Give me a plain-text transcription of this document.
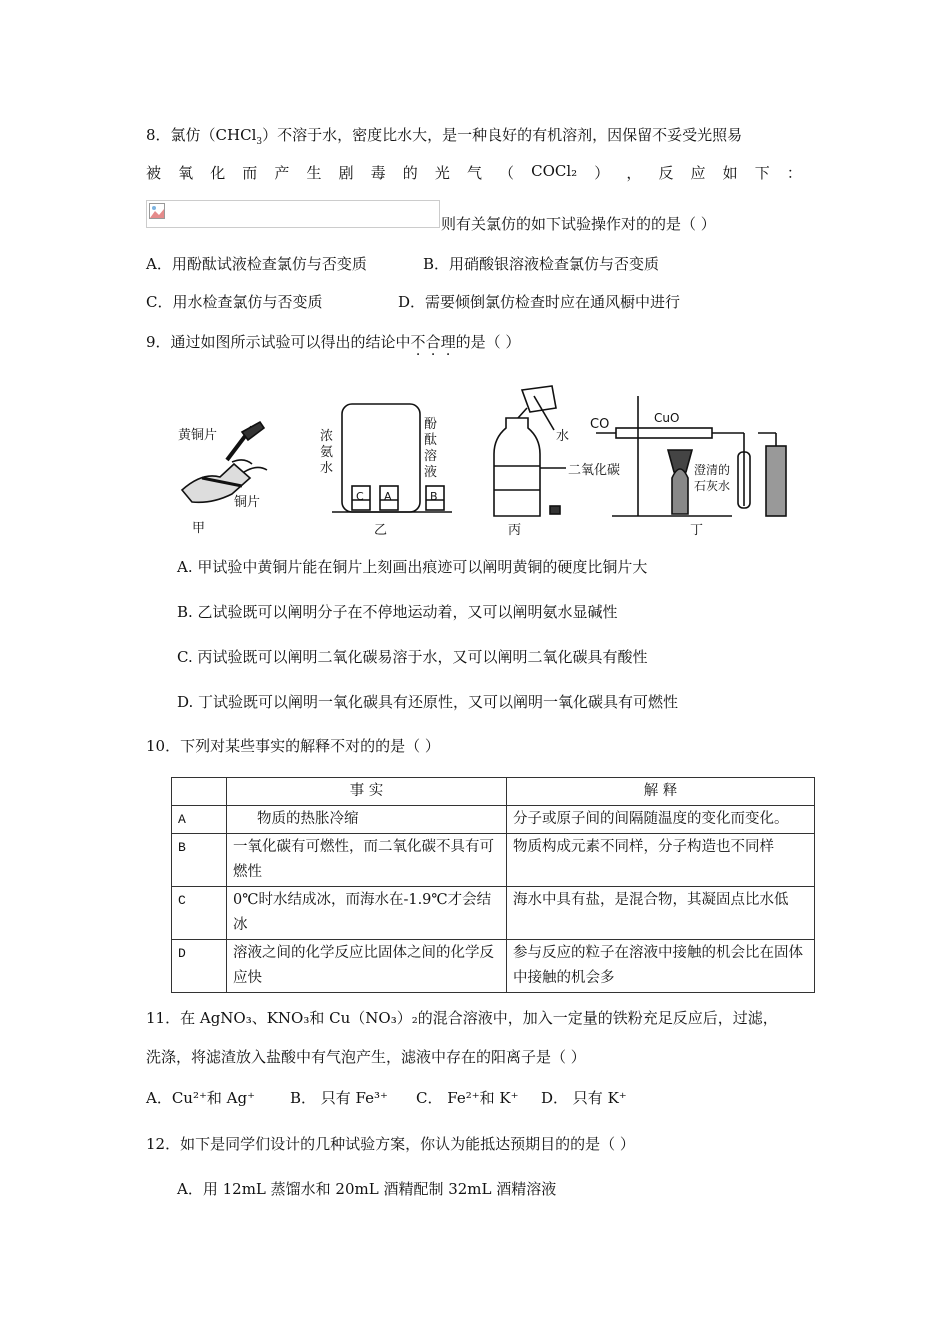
8．氯仿（CHCl$_3$）不溶于水，密度比水大，是一种良好的有机溶剂，因保留不妥受光照易
被 氧 化 而 产 生 剧 毒 的 光 气 （ COCl₂ ） ， 反 应 如 下 ：
则有关氯仿的如下试验操作对的的是（ ）
A．用酚酞试液检查氯仿与否变质	B．用硝酸银溶液检查氯仿与否变质
C．用水检查氯仿与否变质	D．需要倾倒氯仿检查时应在通风橱中进行
9．通过如图所示试验可以得出的结论中不合理的是（ ）
黄铜片
铜片
甲
C A	B
浓
氨
水
酚
酞
溶
液
乙
水
二氧化碳
丙
CO	CuO
澄清的
石灰水
丁
A. 甲试验中黄铜片能在铜片上刻画出痕迹可以阐明黄铜的硬度比铜片大
B. 乙试验既可以阐明分子在不停地运动着，又可以阐明氨水显碱性
C. 丙试验既可以阐明二氧化碳易溶于水，又可以阐明二氧化碳具有酸性
D. 丁试验既可以阐明一氧化碳具有还原性，又可以阐明一氧化碳具有可燃性
10．下列对某些事实的解释不对的的是（ ）
	事 实	解 释
A	物质的热胀冷缩	分子或原子间的间隔随温度的变化而变化。
B	一氧化碳有可燃性，而二氧化碳不具有可燃性	物质构成元素不同样，分子构造也不同样
C	0℃时水结成冰，而海水在-1.9℃才会结冰	海水中具有盐，是混合物，其凝固点比水低
D	溶液之间的化学反应比固体之间的化学反应快	参与反应的粒子在溶液中接触的机会比在固体中接触的机会多
11．在 AgNO₃、KNO₃和 Cu（NO₃）₂的混合溶液中，加入一定量的铁粉充足反应后，过滤，
洗涤，将滤渣放入盐酸中有气泡产生，滤液中存在的阳离子是（ ）
A．Cu²⁺和 Ag⁺ B． 只有 Fe³⁺ C． Fe²⁺和 K⁺ D． 只有 K⁺
12．如下是同学们设计的几种试验方案，你认为能抵达预期目的的是（ ）
A．用 12mL 蒸馏水和 20mL 酒精配制 32mL 酒精溶液
